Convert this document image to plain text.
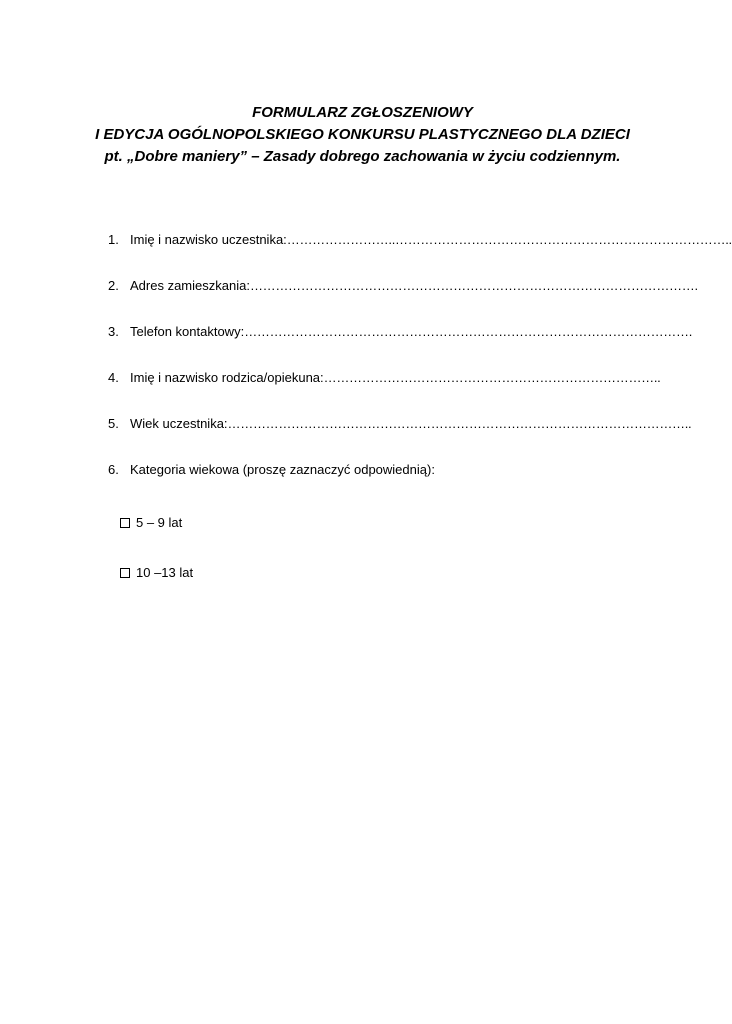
FORMULARZ ZGŁOSZENIOWY
I EDYCJA OGÓLNOPOLSKIEGO KONKURSU PLASTYCZNEGO DLA DZIECI
pt. „Dobre maniery” – Zasady dobrego zachowania w życiu codziennym.
1. Imię i nazwisko uczestnika: ……………………..……………………………………………………………………..
2. Adres zamieszkania: …………………………………………………………………………………………….
3. Telefon kontaktowy: …………………………………………………………………………………………….
4. Imię i nazwisko rodzica/opiekuna: ……………………………………………………………………..
5. Wiek uczestnika: ………………………………………………………………………………………………..
6. Kategoria wiekowa (proszę zaznaczyć odpowiednią):
5 – 9 lat
10 –13 lat
